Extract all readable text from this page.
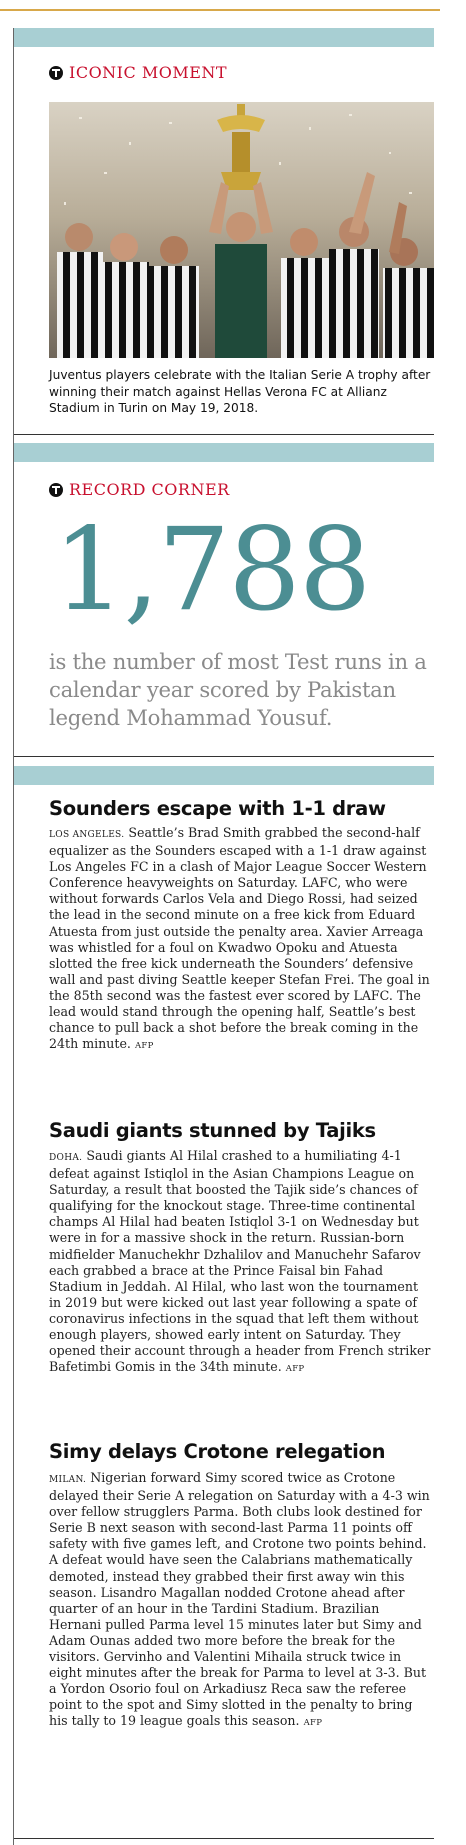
ICONIC MOMENT
Juventus players celebrate with the Italian Serie A trophy after winning their match against Hellas Verona FC at Allianz Stadium in Turin on May 19, 2018.
RECORD CORNER
1,788
is the number of most Test runs in a calendar year scored by Pakistan legend Mohammad Yousuf.
Sounders escape with 1-1 draw
LOS ANGELES. Seattle’s Brad Smith grabbed the second-half equalizer as the Sounders escaped with a 1-1 draw against Los Angeles FC in a clash of Major League Soccer Western Conference heavyweights on Saturday. LAFC, who were without forwards Carlos Vela and Diego Rossi, had seized the lead in the second minute on a free kick from Eduard Atuesta from just outside the penalty area. Xavier Arreaga was whistled for a foul on Kwadwo Opoku and Atuesta slotted the free kick underneath the Sounders’ defensive wall and past diving Seattle keeper Stefan Frei. The goal in the 85th second was the fastest ever scored by LAFC. The lead would stand through the opening half, Seattle’s best chance to pull back a shot before the break coming in the 24th minute. AFP
Saudi giants stunned by Tajiks
DOHA. Saudi giants Al Hilal crashed to a humiliating 4-1 defeat against Istiqlol in the Asian Champions League on Saturday, a result that boosted the Tajik side’s chances of qualifying for the knockout stage. Three-time continental champs Al Hilal had beaten Istiqlol 3-1 on Wednesday but were in for a massive shock in the return. Russian-born midfielder Manuchekhr Dzhalilov and Manuchehr Safarov each grabbed a brace at the Prince Faisal bin Fahad Stadium in Jeddah. Al Hilal, who last won the tournament in 2019 but were kicked out last year following a spate of coronavirus infections in the squad that left them without enough players, showed early intent on Saturday. They opened their account through a header from French striker Bafetimbi Gomis in the 34th minute. AFP
Simy delays Crotone relegation
MILAN. Nigerian forward Simy scored twice as Crotone delayed their Serie A relegation on Saturday with a 4-3 win over fellow strugglers Parma. Both clubs look destined for Serie B next season with second-last Parma 11 points off safety with five games left, and Crotone two points behind. A defeat would have seen the Calabrians mathematically demoted, instead they grabbed their first away win this season. Lisandro Magallan nodded Crotone ahead after quarter of an hour in the Tardini Stadium. Brazilian Hernani pulled Parma level 15 minutes later but Simy and Adam Ounas added two more before the break for the visitors. Gervinho and Valentini Mihaila struck twice in eight minutes after the break for Parma to level at 3-3. But a Yordon Osorio foul on Arkadiusz Reca saw the referee point to the spot and Simy slotted in the penalty to bring his tally to 19 league goals this season. AFP
